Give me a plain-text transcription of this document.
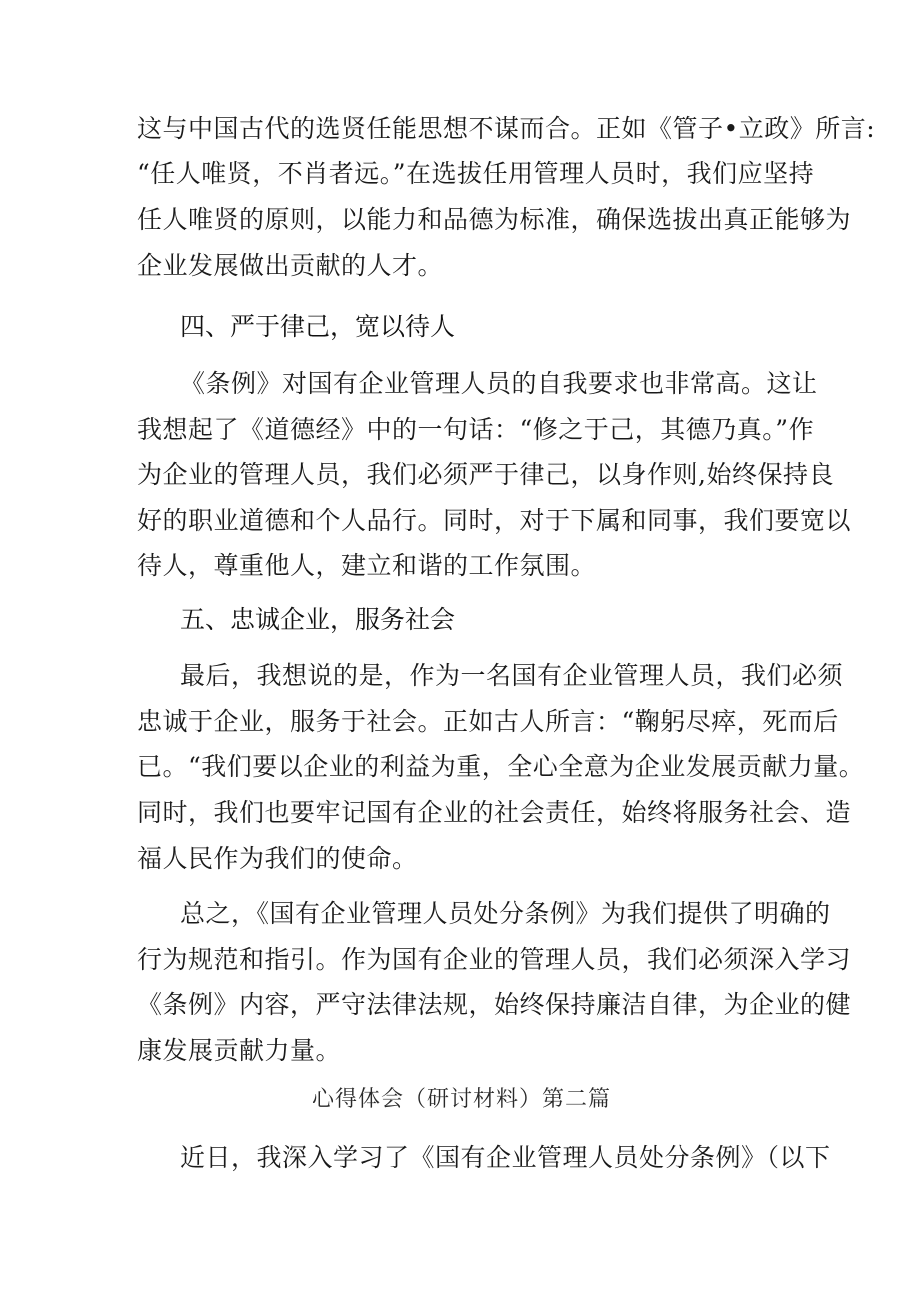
这与中国古代的选贤任能思想不谋而合。正如《管子•立政》所言:
“任人唯贤，不肖者远。”在选拔任用管理人员时，我们应坚持
任人唯贤的原则，以能力和品德为标准，确保选拔出真正能够为
企业发展做出贡献的人才。
四、严于律己，宽以待人
《条例》对国有企业管理人员的自我要求也非常高。这让
我想起了《道德经》中的一句话：“修之于己，其德乃真。”作
为企业的管理人员，我们必须严于律己，以身作则,始终保持良
好的职业道德和个人品行。同时，对于下属和同事，我们要宽以
待人，尊重他人，建立和谐的工作氛围。
五、忠诚企业，服务社会
最后，我想说的是，作为一名国有企业管理人员，我们必须
忠诚于企业，服务于社会。正如古人所言：“鞠躬尽瘁，死而后
已。“我们要以企业的利益为重，全心全意为企业发展贡献力量。
同时，我们也要牢记国有企业的社会责任，始终将服务社会、造
福人民作为我们的使命。
总之，《国有企业管理人员处分条例》为我们提供了明确的
行为规范和指引。作为国有企业的管理人员，我们必须深入学习
《条例》内容，严守法律法规，始终保持廉洁自律，为企业的健
康发展贡献力量。
心得体会（研讨材料）第二篇
近日，我深入学习了《国有企业管理人员处分条例》（以下
